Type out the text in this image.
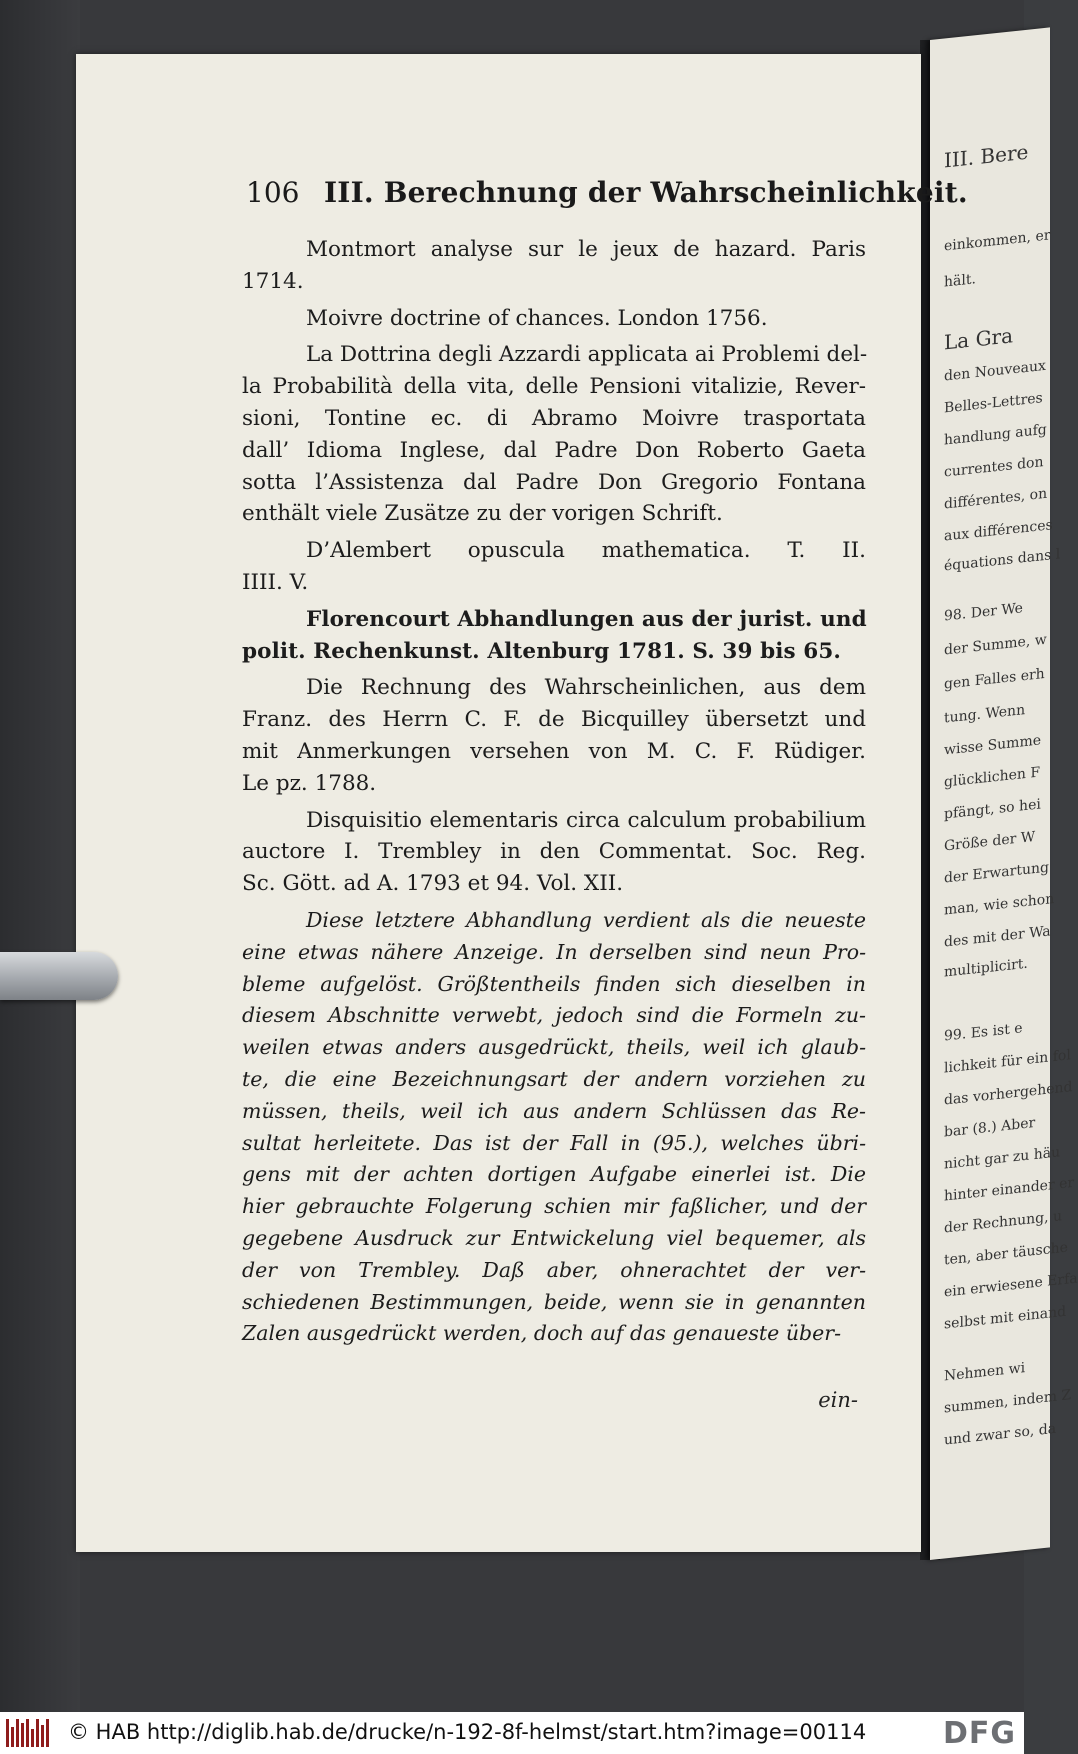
III. Bere
einkommen, er
hält.
La Gra
den Nouveaux
Belles-Lettres
handlung aufg
currentes don
différentes, on
aux différences
équations dans l
98. Der We
der Summe, w
gen Falles erh
tung. Wenn
wisse Summe
glücklichen F
pfängt, so hei
Größe der W
der Erwartung
man, wie schon
des mit der Wa
multiplicirt.
99. Es ist e
lichkeit für ein fol
das vorhergehend
bar (8.) Aber
nicht gar zu häu
hinter einander er
der Rechnung, u
ten, aber täusche
ein erwiesene Erfa
selbst mit einand
Nehmen wi
summen, indem Z
und zwar so, da
106 III. Berechnung der Wahrscheinlichkeit.
Montmort analyse sur le jeux de hazard. Paris
1714.
Moivre doctrine of chances. London 1756.
La Dottrina degli Azzardi applicata ai Problemi del-
la Probabilità della vita, delle Pensioni vitalizie, Rever-
sioni, Tontine ec. di Abramo Moivre trasportata
dall’ Idioma Inglese, dal Padre Don Roberto Gaeta
sotta l’Assistenza dal Padre Don Gregorio Fontana
enthält viele Zusätze zu der vorigen Schrift.
D’Alembert opuscula mathematica. T. II.
IIII. V.
Florencourt Abhandlungen aus der jurist. und
polit. Rechenkunst. Altenburg 1781. S. 39 bis 65.
Die Rechnung des Wahrscheinlichen, aus dem
Franz. des Herrn C. F. de Bicquilley übersetzt und
mit Anmerkungen versehen von M. C. F. Rüdiger.
Le pz. 1788.
Disquisitio elementaris circa calculum probabilium
auctore I. Trembley in den Commentat. Soc. Reg.
Sc. Gött. ad A. 1793 et 94. Vol. XII.
Diese letztere Abhandlung verdient als die neueste
eine etwas nähere Anzeige. In derselben sind neun Pro-
bleme aufgelöst. Größtentheils finden sich dieselben in
diesem Abschnitte verwebt, jedoch sind die Formeln zu-
weilen etwas anders ausgedrückt, theils, weil ich glaub-
te, die eine Bezeichnungsart der andern vorziehen zu
müssen, theils, weil ich aus andern Schlüssen das Re-
sultat herleitete. Das ist der Fall in (95.), welches übri-
gens mit der achten dortigen Aufgabe einerlei ist. Die
hier gebrauchte Folgerung schien mir faßlicher, und der
gegebene Ausdruck zur Entwickelung viel bequemer, als
der von Trembley. Daß aber, ohnerachtet der ver-
schiedenen Bestimmungen, beide, wenn sie in genannten
Zalen ausgedrückt werden, doch auf das genaueste über-
ein-
© HAB http://diglib.hab.de/drucke/n-192-8f-helmst/start.htm?image=00114	DFG
